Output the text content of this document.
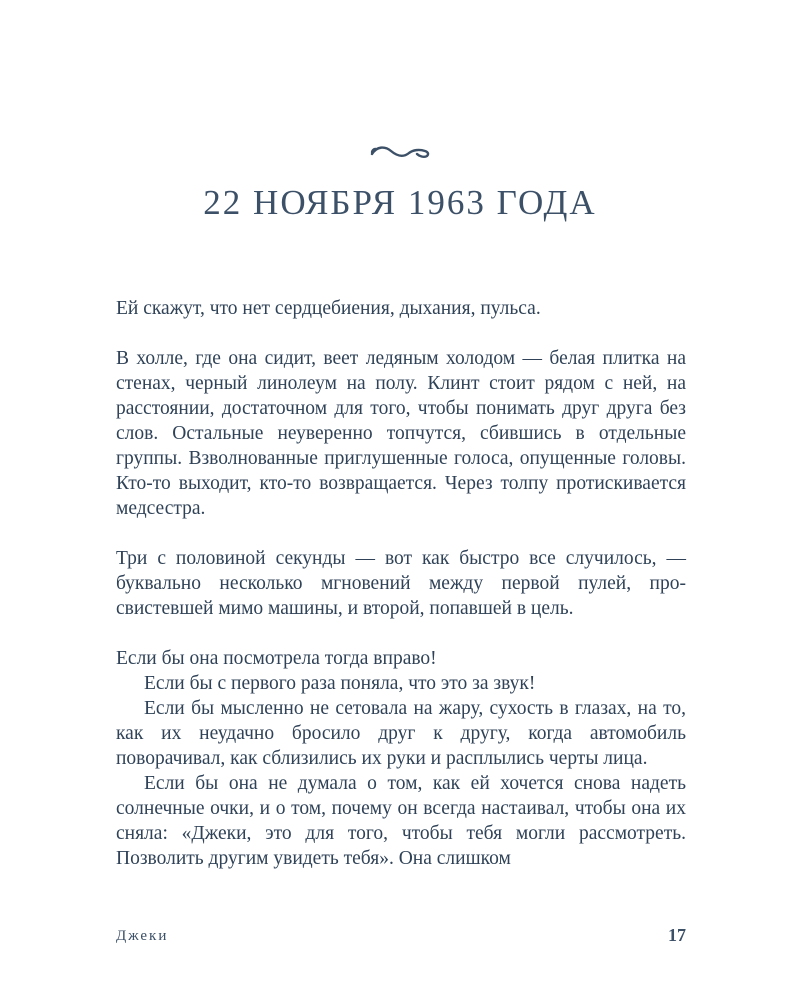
22 НОЯБРЯ 1963 ГОДА

Ей скажут, что нет сердцебиения, дыхания, пульса.

В холле, где она сидит, веет ледяным холодом — белая плитка на стенах, черный линолеум на полу. Клинт стоит рядом с ней, на расстоянии, достаточном для того, чтобы понимать друг друга без слов. Остальные неуверенно топчутся, сбившись в отдельные группы. Взволнованные приглушенные голоса, опущенные головы. Кто-то выходит, кто-то возвращается. Через толпу протискивается медсестра.

Три с половиной секунды — вот как быстро все случилось, — буквально несколько мгновений между первой пулей, просвистевшей мимо машины, и второй, попавшей в цель.

Если бы она посмотрела тогда вправо!

Если бы с первого раза поняла, что это за звук!

Если бы мысленно не сетовала на жару, сухость в глазах, на то, как их неудачно бросило друг к другу, когда автомобиль поворачивал, как сблизились их руки и расплылись черты лица.

Если бы она не думала о том, как ей хочется снова надеть солнечные очки, и о том, почему он всегда настаивал, чтобы она их сняла: «Джеки, это для того, чтобы тебя могли рассмотреть. Позволить другим увидеть тебя». Она слишком

Джеки	17
